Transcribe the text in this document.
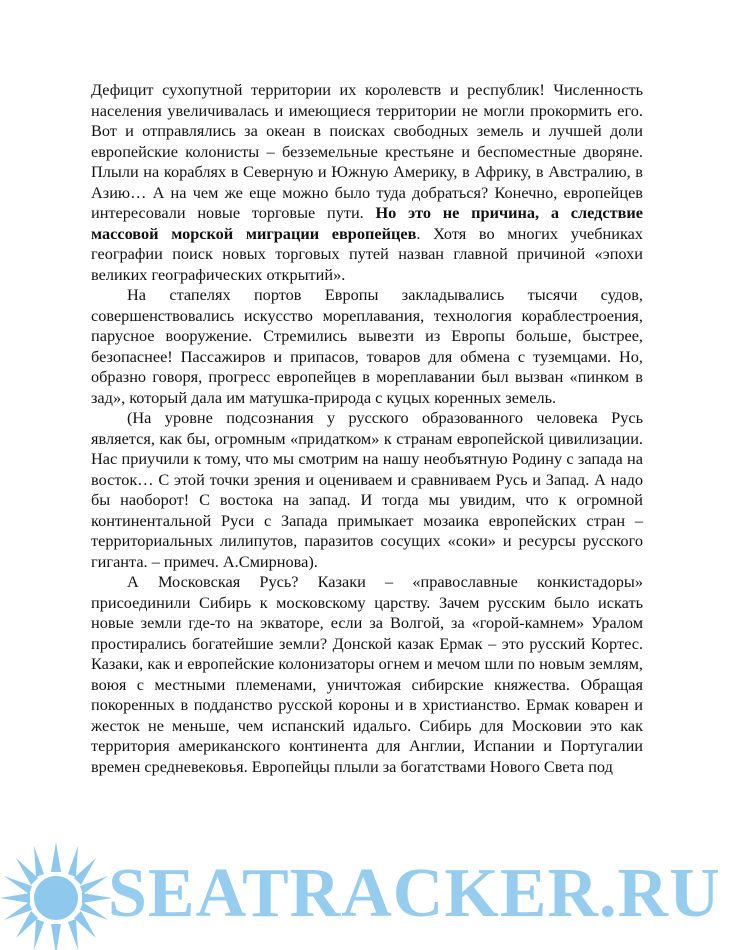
Дефицит сухопутной территории их королевств и республик! Численность населения увеличивалась и имеющиеся территории не могли прокормить его. Вот и отправлялись за океан в поисках свободных земель и лучшей доли европейские колонисты – безземельные крестьяне и беспоместные дворяне. Плыли на кораблях в Северную и Южную Америку, в Африку, в Австралию, в Азию… А на чем же еще можно было туда добраться? Конечно, европейцев интересовали новые торговые пути. Но это не причина, а следствие массовой морской миграции европейцев. Хотя во многих учебниках географии поиск новых торговых путей назван главной причиной «эпохи великих географических открытий».

На стапелях портов Европы закладывались тысячи судов, совершенствовались искусство мореплавания, технология кораблестроения, парусное вооружение. Стремились вывезти из Европы больше, быстрее, безопаснее! Пассажиров и припасов, товаров для обмена с туземцами. Но, образно говоря, прогресс европейцев в мореплавании был вызван «пинком в зад», который дала им матушка-природа с куцых коренных земель.

(На уровне подсознания у русского образованного человека Русь является, как бы, огромным «придатком» к странам европейской цивилизации. Нас приучили к тому, что мы смотрим на нашу необъятную Родину с запада на восток… С этой точки зрения и оцениваем и сравниваем Русь и Запад. А надо бы наоборот! С востока на запад. И тогда мы увидим, что к огромной континентальной Руси с Запада примыкает мозаика европейских стран – территориальных лилипутов, паразитов сосущих «соки» и ресурсы русского гиганта. – примеч. А.Смирнова).

А Московская Русь? Казаки – «православные конкистадоры» присоединили Сибирь к московскому царству. Зачем русским было искать новые земли где-то на экваторе, если за Волгой, за «горой-камнем» Уралом простирались богатейшие земли? Донской казак Ермак – это русский Кортес. Казаки, как и европейские колонизаторы огнем и мечом шли по новым землям, воюя с местными племенами, уничтожая сибирские княжества. Обращая покоренных в подданство русской короны и в христианство. Ермак коварен и жесток не меньше, чем испанский идальго. Сибирь для Московии это как территория американского континента для Англии, Испании и Португалии времен средневековья. Европейцы плыли за богатствами Нового Света под

SEATRACKER.RU
